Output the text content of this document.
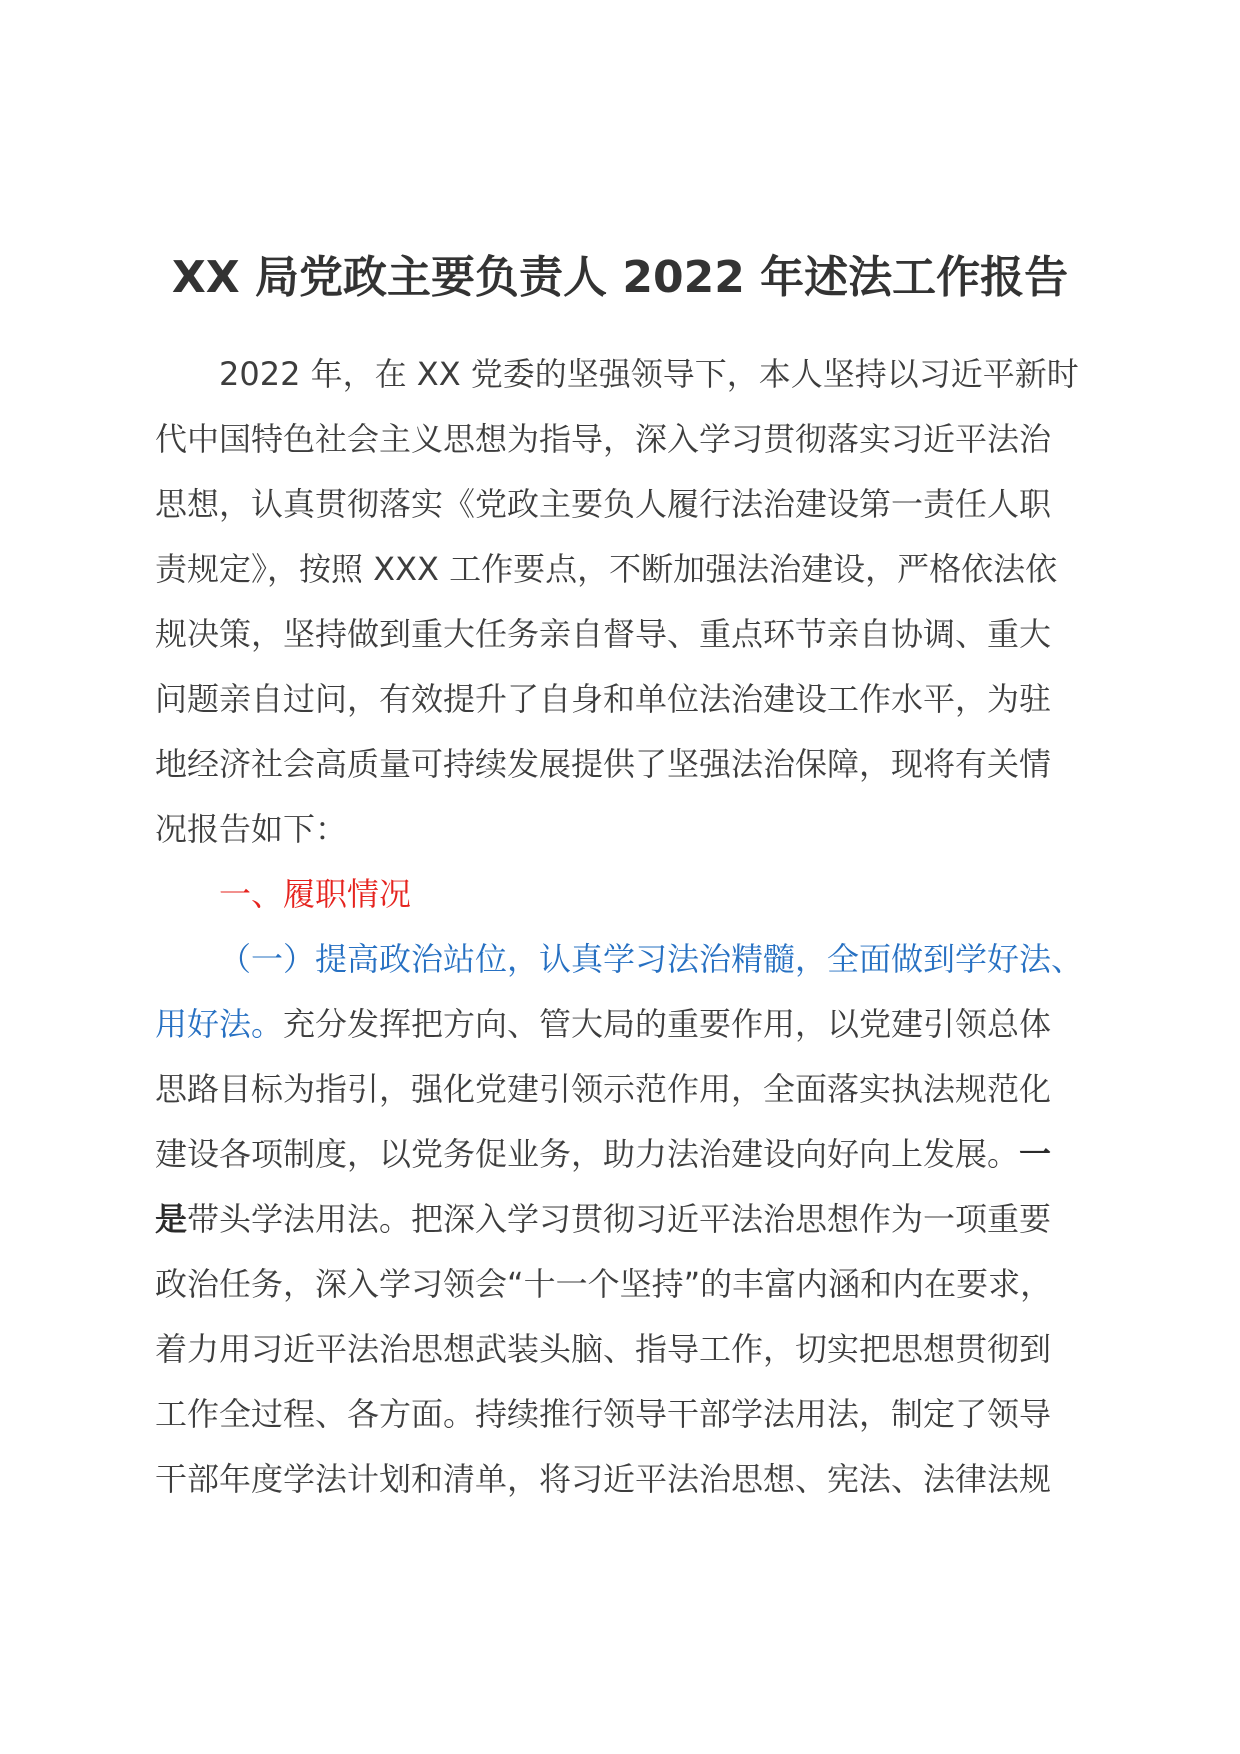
XX 局党政主要负责人 2022 年述法工作报告
2022 年，在 XX 党委的坚强领导下，本人坚持以习近平新时
代中国特色社会主义思想为指导，深入学习贯彻落实习近平法治
思想，认真贯彻落实《党政主要负人履行法治建设第一责任人职
责规定》，按照 XXX 工作要点，不断加强法治建设，严格依法依
规决策，坚持做到重大任务亲自督导、重点环节亲自协调、重大
问题亲自过问，有效提升了自身和单位法治建设工作水平，为驻
地经济社会高质量可持续发展提供了坚强法治保障，现将有关情
况报告如下：
一、履职情况
（一）提高政治站位，认真学习法治精髓，全面做到学好法、
用好法。充分发挥把方向、管大局的重要作用，以党建引领总体
思路目标为指引，强化党建引领示范作用，全面落实执法规范化
建设各项制度，以党务促业务，助力法治建设向好向上发展。一
是带头学法用法。把深入学习贯彻习近平法治思想作为一项重要
政治任务，深入学习领会“十一个坚持”的丰富内涵和内在要求，
着力用习近平法治思想武装头脑、指导工作，切实把思想贯彻到
工作全过程、各方面。持续推行领导干部学法用法，制定了领导
干部年度学法计划和清单，将习近平法治思想、宪法、法律法规
